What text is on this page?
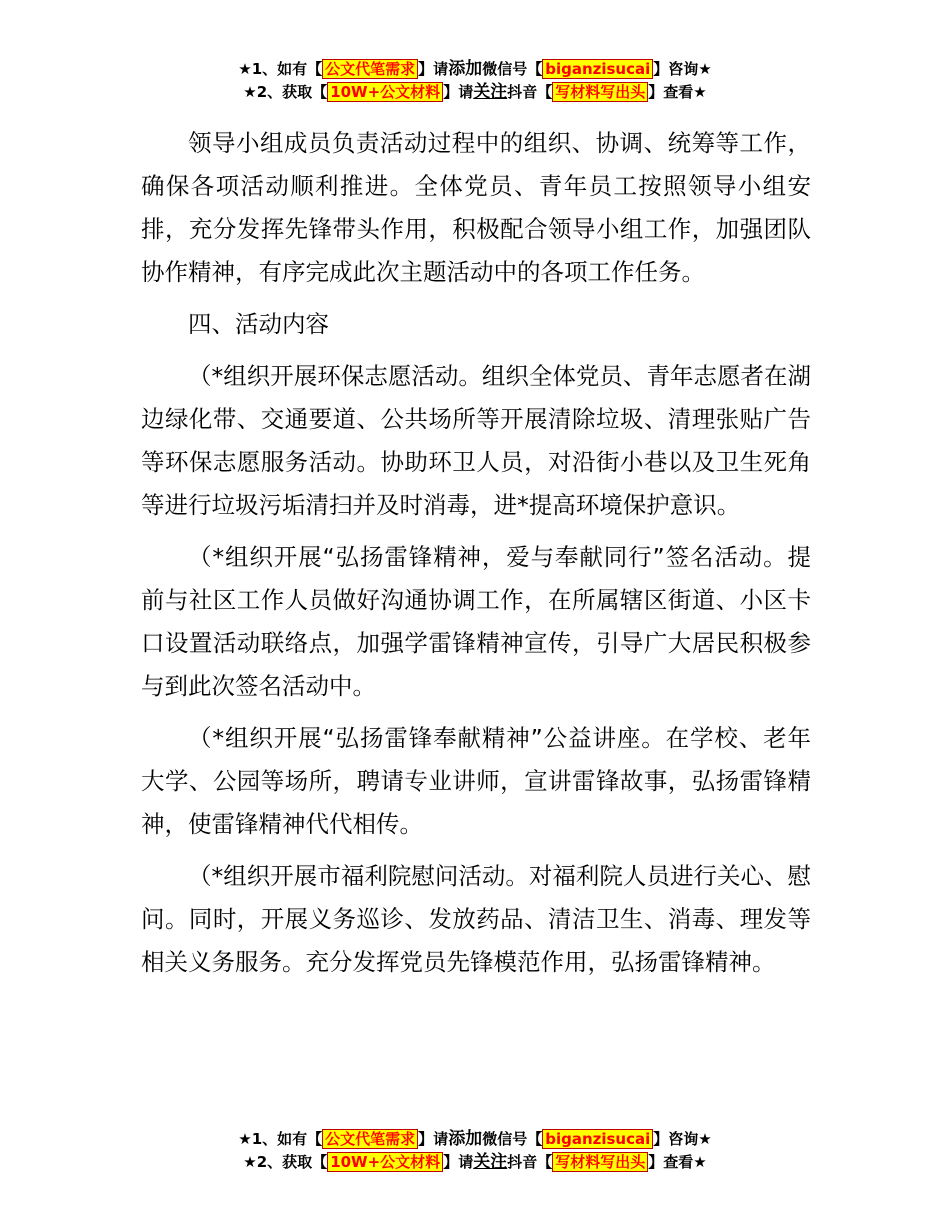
★1、如有【 公文代笔需求 】请添加微信号【 biganzisucai 】咨询★
★2、获取【 10W+公文材料 】请关注抖音【 写材料写出头 】查看★

领导小组成员负责活动过程中的组织、协调、统筹等工作，确保各项活动顺利推进。全体党员、青年员工按照领导小组安排，充分发挥先锋带头作用，积极配合领导小组工作，加强团队协作精神，有序完成此次主题活动中的各项工作任务。

四、活动内容

（*组织开展环保志愿活动。组织全体党员、青年志愿者在湖边绿化带、交通要道、公共场所等开展清除垃圾、清理张贴广告等环保志愿服务活动。协助环卫人员，对沿街小巷以及卫生死角等进行垃圾污垢清扫并及时消毒，进*提高环境保护意识。

（*组织开展“弘扬雷锋精神，爱与奉献同行”签名活动。提前与社区工作人员做好沟通协调工作，在所属辖区街道、小区卡口设置活动联络点，加强学雷锋精神宣传，引导广大居民积极参与到此次签名活动中。

（*组织开展“弘扬雷锋奉献精神”公益讲座。在学校、老年大学、公园等场所，聘请专业讲师，宣讲雷锋故事，弘扬雷锋精神，使雷锋精神代代相传。

（*组织开展市福利院慰问活动。对福利院人员进行关心、慰问。同时，开展义务巡诊、发放药品、清洁卫生、消毒、理发等相关义务服务。充分发挥党员先锋模范作用，弘扬雷锋精神。

★1、如有【 公文代笔需求 】请添加微信号【 biganzisucai 】咨询★
★2、获取【 10W+公文材料 】请关注抖音【 写材料写出头 】查看★
